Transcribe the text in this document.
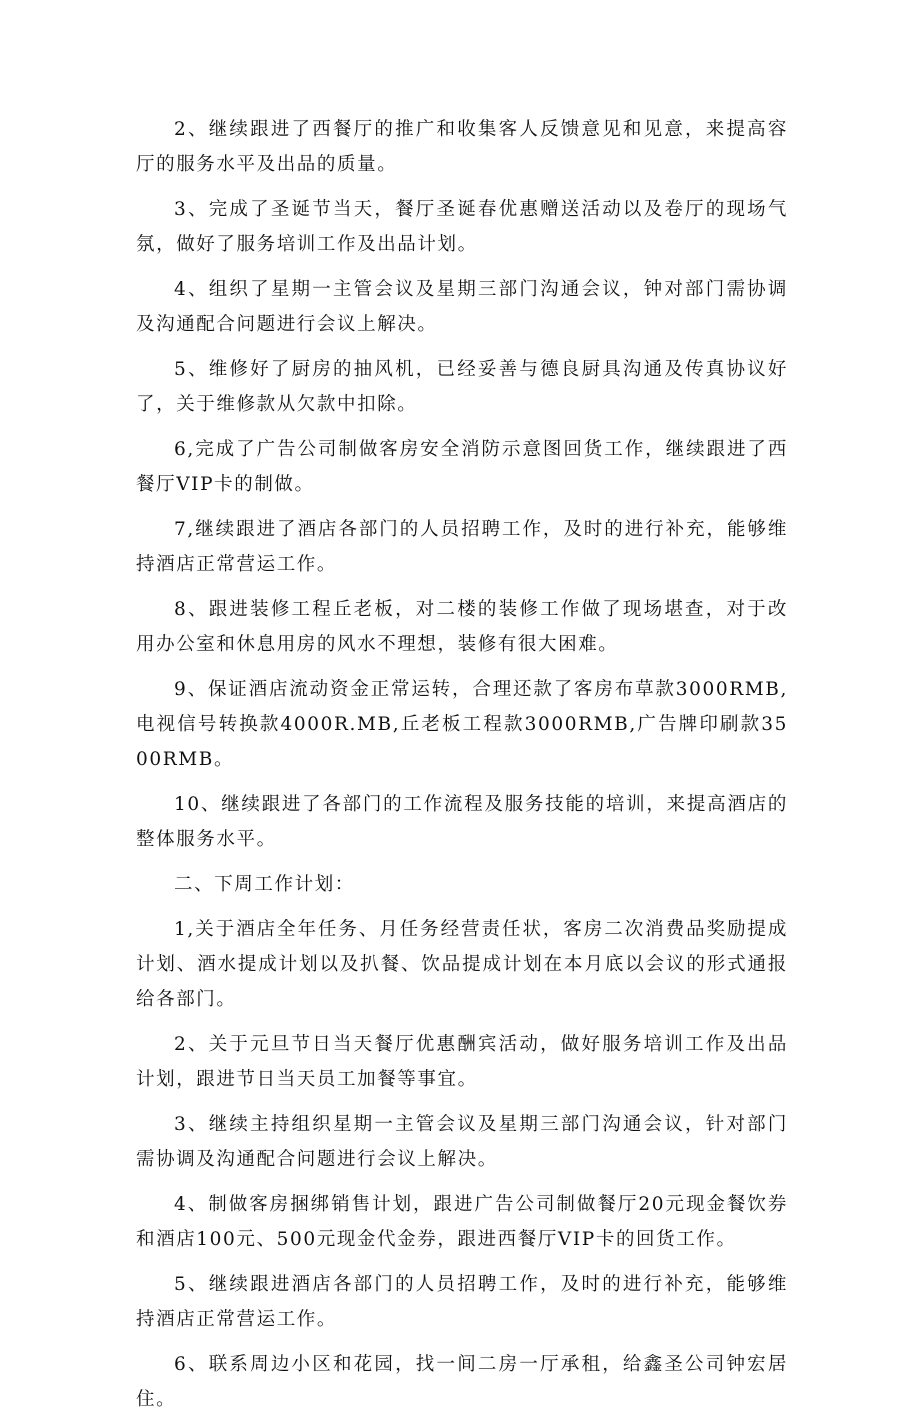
2、继续跟进了西餐厅的推广和收集客人反馈意见和见意，来提高容厅的服务水平及出品的质量。

3、完成了圣诞节当天，餐厅圣诞春优惠赠送活动以及卷厅的现场气氛，做好了服务培训工作及出品计划。

4、组织了星期一主管会议及星期三部门沟通会议，钟对部门需协调及沟通配合问题进行会议上解决。

5、维修好了厨房的抽风机，已经妥善与德良厨具沟通及传真协议好了，关于维修款从欠款中扣除。

6,完成了广告公司制做客房安全消防示意图回货工作，继续跟进了西餐厅VIP卡的制做。

7,继续跟进了酒店各部门的人员招聘工作，及时的进行补充，能够维持酒店正常营运工作。

8、跟进装修工程丘老板，对二楼的装修工作做了现场堪查，对于改用办公室和休息用房的风水不理想，装修有很大困难。

9、保证酒店流动资金正常运转，合理还款了客房布草款3000RMB,电视信号转换款4000R.MB,丘老板工程款3000RMB,广告牌印刷款3500RMB。

10、继续跟进了各部门的工作流程及服务技能的培训，来提高酒店的整体服务水平。

二、下周工作计划：

1,关于酒店全年任务、月任务经营责任状，客房二次消费品奖励提成计划、酒水提成计划以及扒餐、饮品提成计划在本月底以会议的形式通报给各部门。

2、关于元旦节日当天餐厅优惠酬宾活动，做好服务培训工作及出品计划，跟进节日当天员工加餐等事宜。

3、继续主持组织星期一主管会议及星期三部门沟通会议，针对部门需协调及沟通配合问题进行会议上解决。

4、制做客房捆绑销售计划，跟进广告公司制做餐厅20元现金餐饮券和酒店100元、500元现金代金券，跟进西餐厅VIP卡的回货工作。

5、继续跟进酒店各部门的人员招聘工作，及时的进行补充，能够维持酒店正常营运工作。

6、联系周边小区和花园，找一间二房一厅承租，给鑫圣公司钟宏居住。
